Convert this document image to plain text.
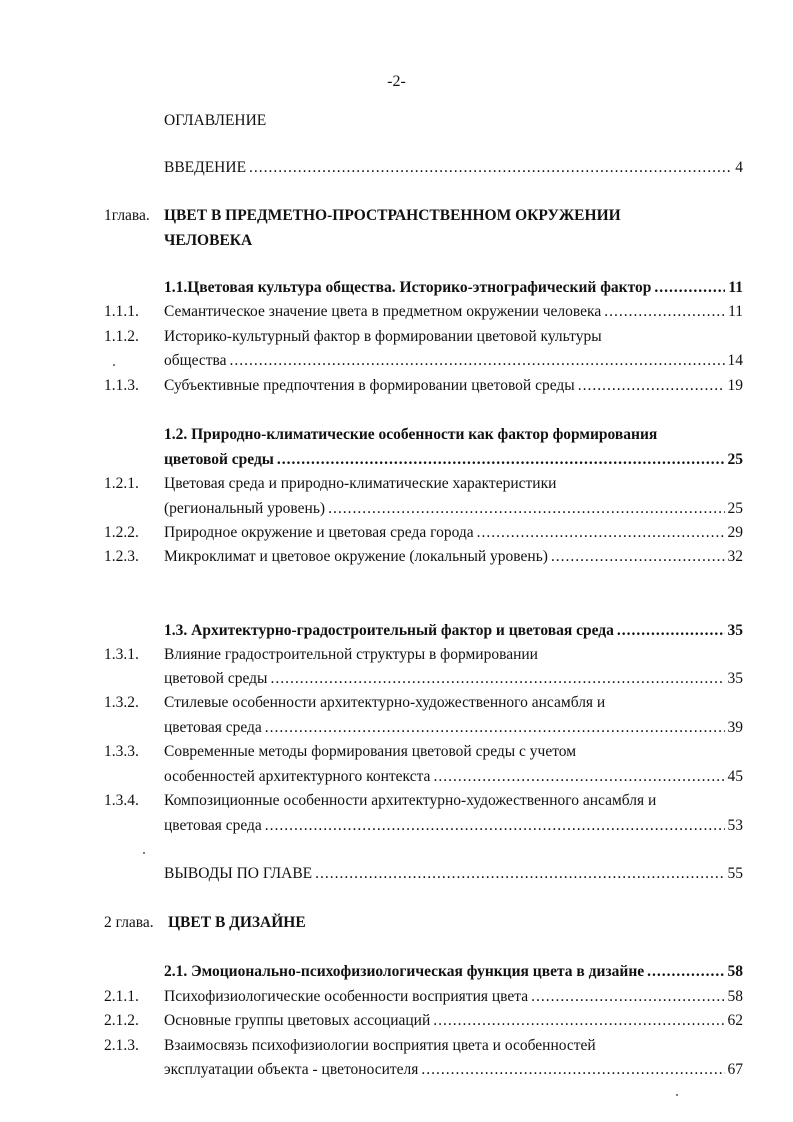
-2-
ОГЛАВЛЕНИЕ
ВВЕДЕНИЕ .....	4
1глава. ЦВЕТ В ПРЕДМЕТНО-ПРОСТРАНСТВЕННОМ ОКРУЖЕНИИ
ЧЕЛОВЕКА
1.1.Цветовая культура общества. Историко-этнографический фактор .....	11
1.1.1. Семантическое значение цвета в предметном окружении человека .....	11
1.1.2. Историко-культурный фактор в формировании цветовой культуры
общества .....	14
1.1.3. Субъективные предпочтения в формировании цветовой среды .....	19
1.2. Природно-климатические особенности как фактор формирования
цветовой среды .....	25
1.2.1. Цветовая среда и природно-климатические характеристики
(региональный уровень) .....	25
1.2.2. Природное окружение и цветовая среда города .....	29
1.2.3. Микроклимат и цветовое окружение (локальный уровень) .....	32
1.3. Архитектурно-градостроительный фактор и цветовая среда .....	35
1.3.1. Влияние градостроительной структуры в формировании
цветовой среды .....	35
1.3.2. Стилевые особенности архитектурно-художественного ансамбля и
цветовая среда .....	39
1.3.3. Современные методы формирования цветовой среды с учетом
особенностей архитектурного контекста .....	45
1.3.4. Композиционные особенности архитектурно-художественного ансамбля и
цветовая среда .....	53
ВЫВОДЫ ПО ГЛАВЕ .....	55
2 глава. ЦВЕТ В ДИЗАЙНЕ
2.1. Эмоционально-психофизиологическая функция цвета в дизайне .....	58
2.1.1. Психофизиологические особенности восприятия цвета .....	58
2.1.2. Основные группы цветовых ассоциаций .....	62
2.1.3. Взаимосвязь психофизиологии восприятия цвета и особенностей
эксплуатации объекта - цветоносителя .....	67
